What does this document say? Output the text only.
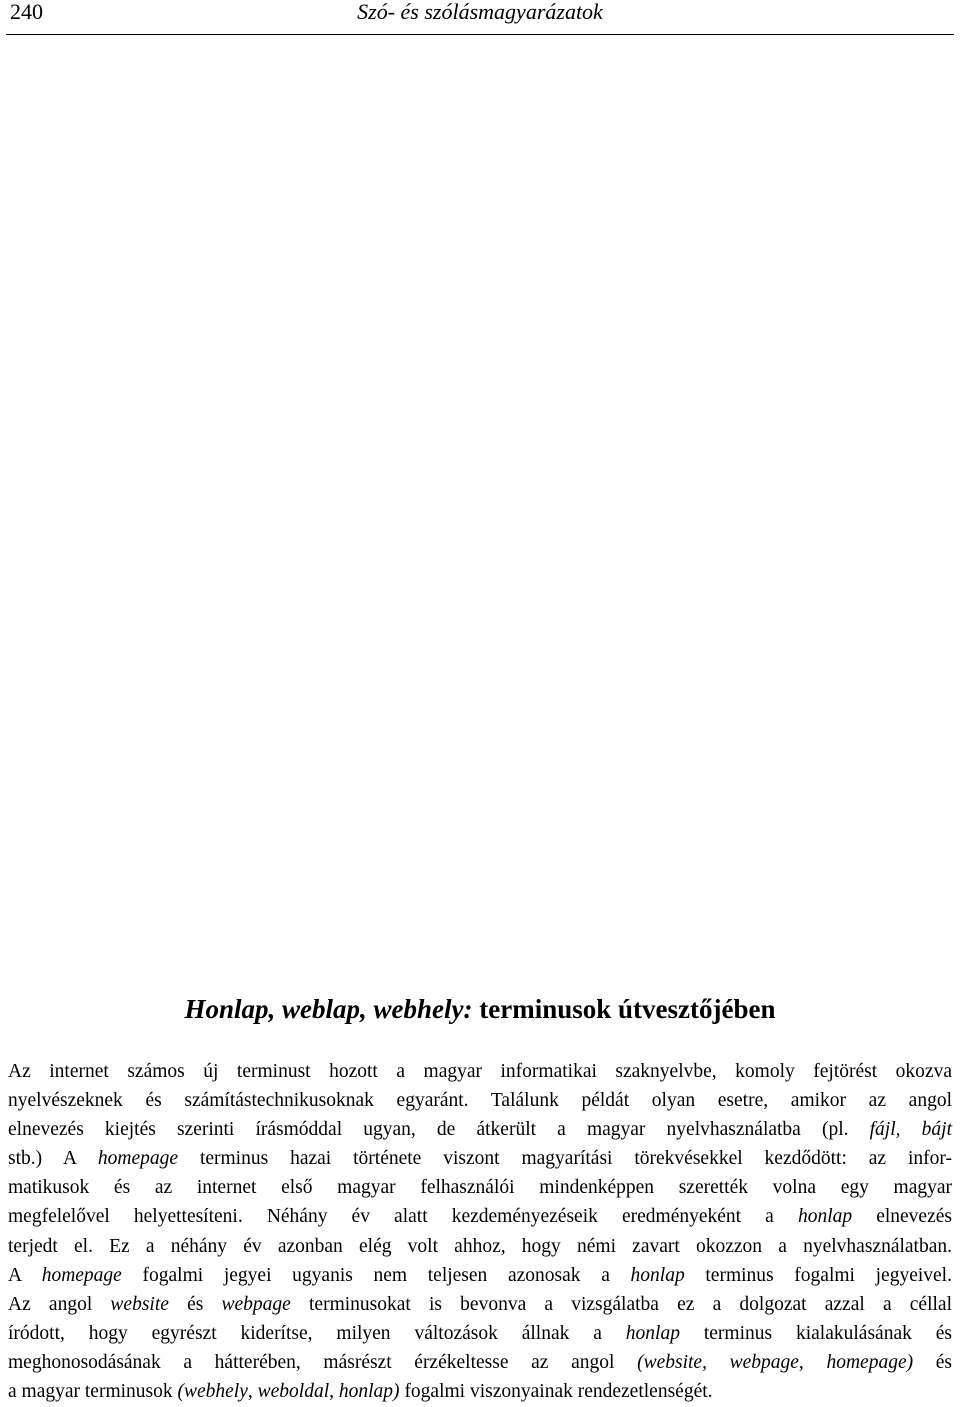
240	Szó- és szólásmagyarázatok
Honlap, weblap, webhely: terminusok útvesztőjében
Az internet számos új terminust hozott a magyar informatikai szaknyelvbe, komoly fejtörést okozva
nyelvészeknek és számítástechnikusoknak egyaránt. Találunk példát olyan esetre, amikor az angol
elnevezés kiejtés szerinti írásmóddal ugyan, de átkerült a magyar nyelvhasználatba (pl. fájl, bájt
stb.) A homepage terminus hazai története viszont magyarítási törekvésekkel kezdődött: az infor-
matikusok és az internet első magyar felhasználói mindenképpen szerették volna egy magyar
megfelelővel helyettesíteni. Néhány év alatt kezdeményezéseik eredményeként a honlap elnevezés
terjedt el. Ez a néhány év azonban elég volt ahhoz, hogy némi zavart okozzon a nyelvhasználatban.
A homepage fogalmi jegyei ugyanis nem teljesen azonosak a honlap terminus fogalmi jegyeivel.
Az angol website és webpage terminusokat is bevonva a vizsgálatba ez a dolgozat azzal a céllal
íródott, hogy egyrészt kiderítse, milyen változások állnak a honlap terminus kialakulásának és
meghonosodásának a hátterében, másrészt érzékeltesse az angol (website, webpage, homepage) és
a magyar terminusok (webhely, weboldal, honlap) fogalmi viszonyainak rendezetlenségét.
